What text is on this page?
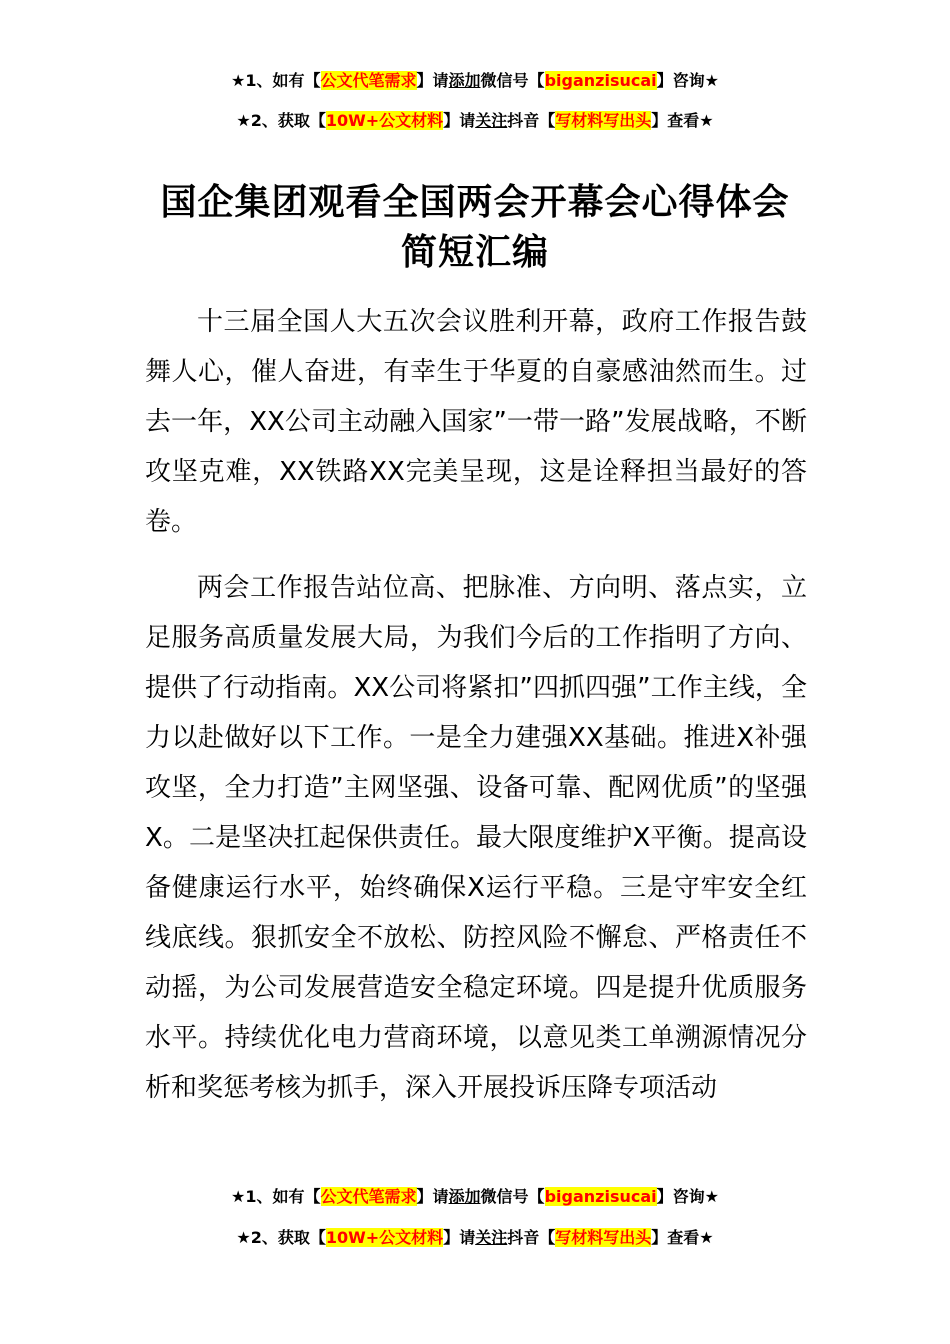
★1、如有【公文代笔需求】请添加微信号【biganzisucai】咨询★
★2、获取【10W+公文材料】请关注抖音【写材料写出头】查看★
国企集团观看全国两会开幕会心得体会简短汇编

十三届全国人大五次会议胜利开幕，政府工作报告鼓舞人心，催人奋进，有幸生于华夏的自豪感油然而生。过去一年，XX公司主动融入国家”一带一路”发展战略，不断攻坚克难，XX铁路XX完美呈现，这是诠释担当最好的答卷。

两会工作报告站位高、把脉准、方向明、落点实，立足服务高质量发展大局，为我们今后的工作指明了方向、提供了行动指南。XX公司将紧扣”四抓四强”工作主线，全力以赴做好以下工作。一是全力建强XX基础。推进X补强攻坚，全力打造”主网坚强、设备可靠、配网优质”的坚强X。二是坚决扛起保供责任。最大限度维护X平衡。提高设备健康运行水平，始终确保X运行平稳。三是守牢安全红线底线。狠抓安全不放松、防控风险不懈怠、严格责任不动摇，为公司发展营造安全稳定环境。四是提升优质服务水平。持续优化电力营商环境，以意见类工单溯源情况分析和奖惩考核为抓手，深入开展投诉压降专项活动

★1、如有【公文代笔需求】请添加微信号【biganzisucai】咨询★
★2、获取【10W+公文材料】请关注抖音【写材料写出头】查看★
